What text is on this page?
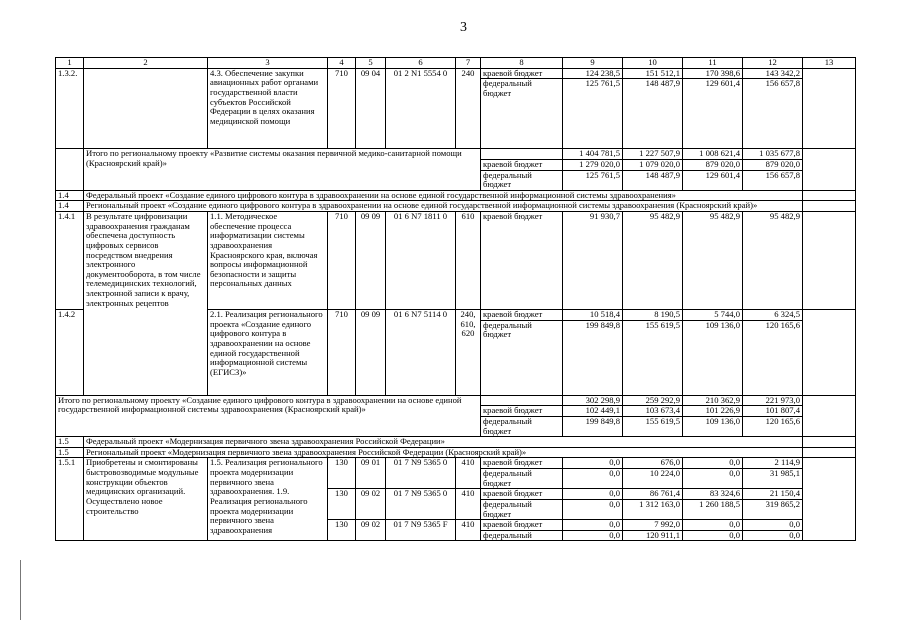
3
1	2	3	4	5	6	7	8	9	10	11	12	13
1.3.2.		4.3. Обеспечение закупки авиационных работ органами государственной власти субъектов Российской Федерации в целях оказания медицинской помощи	710	09 04	01 2 N1 5554 0	240	краевой бюджет	124 238,5	151 512,1	170 398,6	143 342,2	
							федеральный бюджет	125 761,5	148 487,9	129 601,4	156 657,8	
	Итого по региональному проекту «Развитие системы оказания первичной медико-санитарной помощи (Красноярский край)»							1 404 781,5	1 227 507,9	1 008 621,4	1 035 677,8	
							краевой бюджет	1 279 020,0	1 079 020,0	879 020,0	879 020,0	
							федеральный бюджет	125 761,5	148 487,9	129 601,4	156 657,8	
1.4	Федеральный проект «Создание единого цифрового контура в здравоохранении на основе единой государственной информационной системы здравоохранения»											
1.4	Региональный проект «Создание единого цифрового контура в здравоохранении на основе единой государственной информационной системы здравоохранения (Красноярский край)»											
1.4.1	В результате цифровизации здравоохранения гражданам обеспечена доступность цифровых сервисов посредством внедрения электронного документооборота, в том числе телемедицинских технологий, электронной записи к врачу, электронных рецептов	1.1. Методическое обеспечение процесса информатизации системы здравоохранения Красноярского края, включая вопросы информационной безопасности и защиты персональных данных	710	09 09	01 6 N7 1811 0	610	краевой бюджет	91 930,7	95 482,9	95 482,9	95 482,9	
1.4.2		2.1. Реализация регионального проекта «Создание единого цифрового контура в здравоохранении на основе единой государственной информационной системы (ЕГИСЗ)»	710	09 09	01 6 N7 5114 0	240, 610, 620	краевой бюджет	10 518,4	8 190,5	5 744,0	6 324,5	
							федеральный бюджет	199 849,8	155 619,5	109 136,0	120 165,6	
Итого по региональному проекту «Создание единого цифрового контура в здравоохранении на основе единой государственной информационной системы здравоохранения (Красноярский край)»								302 298,9	259 292,9	210 362,9	221 973,0	
							краевой бюджет	102 449,1	103 673,4	101 226,9	101 807,4	
							федеральный бюджет	199 849,8	155 619,5	109 136,0	120 165,6	
1.5	Федеральный проект «Модернизация первичного звена здравоохранения Российской Федерации»											
1.5	Региональный проект «Модернизация первичного звена здравоохранения Российской Федерации (Красноярский край)»											
1.5.1	Приобретены и смонтированы быстровозводимые модульные конструкции объектов медицинских организаций. Осуществлено новое строительство	1.5. Реализация регионального проекта модернизации первичного звена здравоохранения. 1.9. Реализация регионального проекта модернизации первичного звена здравоохранения	130	09 01	01 7 N9 5365 0	410	краевой бюджет	0,0	676,0	0,0	2 114,9	
							федеральный бюджет	0,0	10 224,0	0,0	31 985,1	
			130	09 02	01 7 N9 5365 0	410	краевой бюджет	0,0	86 761,4	83 324,6	21 150,4	
							федеральный бюджет	0,0	1 312 163,0	1 260 188,5	319 865,2	
			130	09 02	01 7 N9 5365 F	410	краевой бюджет	0,0	7 992,0	0,0	0,0	
							федеральный	0,0	120 911,1	0,0	0,0	
